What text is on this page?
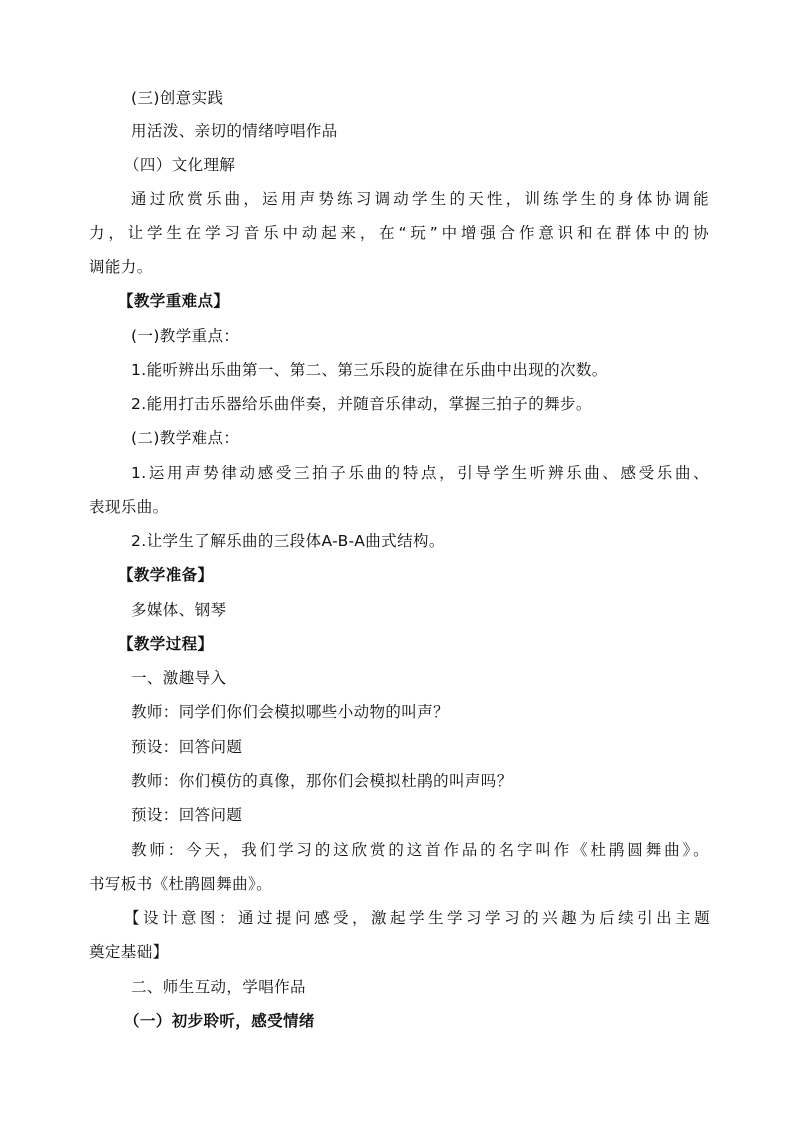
(三)创意实践
用活泼、亲切的情绪哼唱作品
（四）文化理解
通过欣赏乐曲，运用声势练习调动学生的天性，训练学生的身体协调能
力，让学生在学习音乐中动起来，在“玩”中增强合作意识和在群体中的协
调能力。
【教学重难点】
(一)教学重点：
1.能听辨出乐曲第一、第二、第三乐段的旋律在乐曲中出现的次数。
2.能用打击乐器给乐曲伴奏，并随音乐律动，掌握三拍子的舞步。
(二)教学难点：
1.运用声势律动感受三拍子乐曲的特点，引导学生听辨乐曲、感受乐曲、
表现乐曲。
2.让学生了解乐曲的三段体A-B-A曲式结构。
【教学准备】
多媒体、钢琴
【教学过程】
一、激趣导入
教师：同学们你们会模拟哪些小动物的叫声？
预设：回答问题
教师：你们模仿的真像，那你们会模拟杜鹃的叫声吗？
预设：回答问题
教师：今天，我们学习的这欣赏的这首作品的名字叫作《杜鹃圆舞曲》。
书写板书《杜鹃圆舞曲》。
【设计意图：通过提问感受，激起学生学习学习的兴趣为后续引出主题
奠定基础】
二、师生互动，学唱作品
（一）初步聆听，感受情绪
